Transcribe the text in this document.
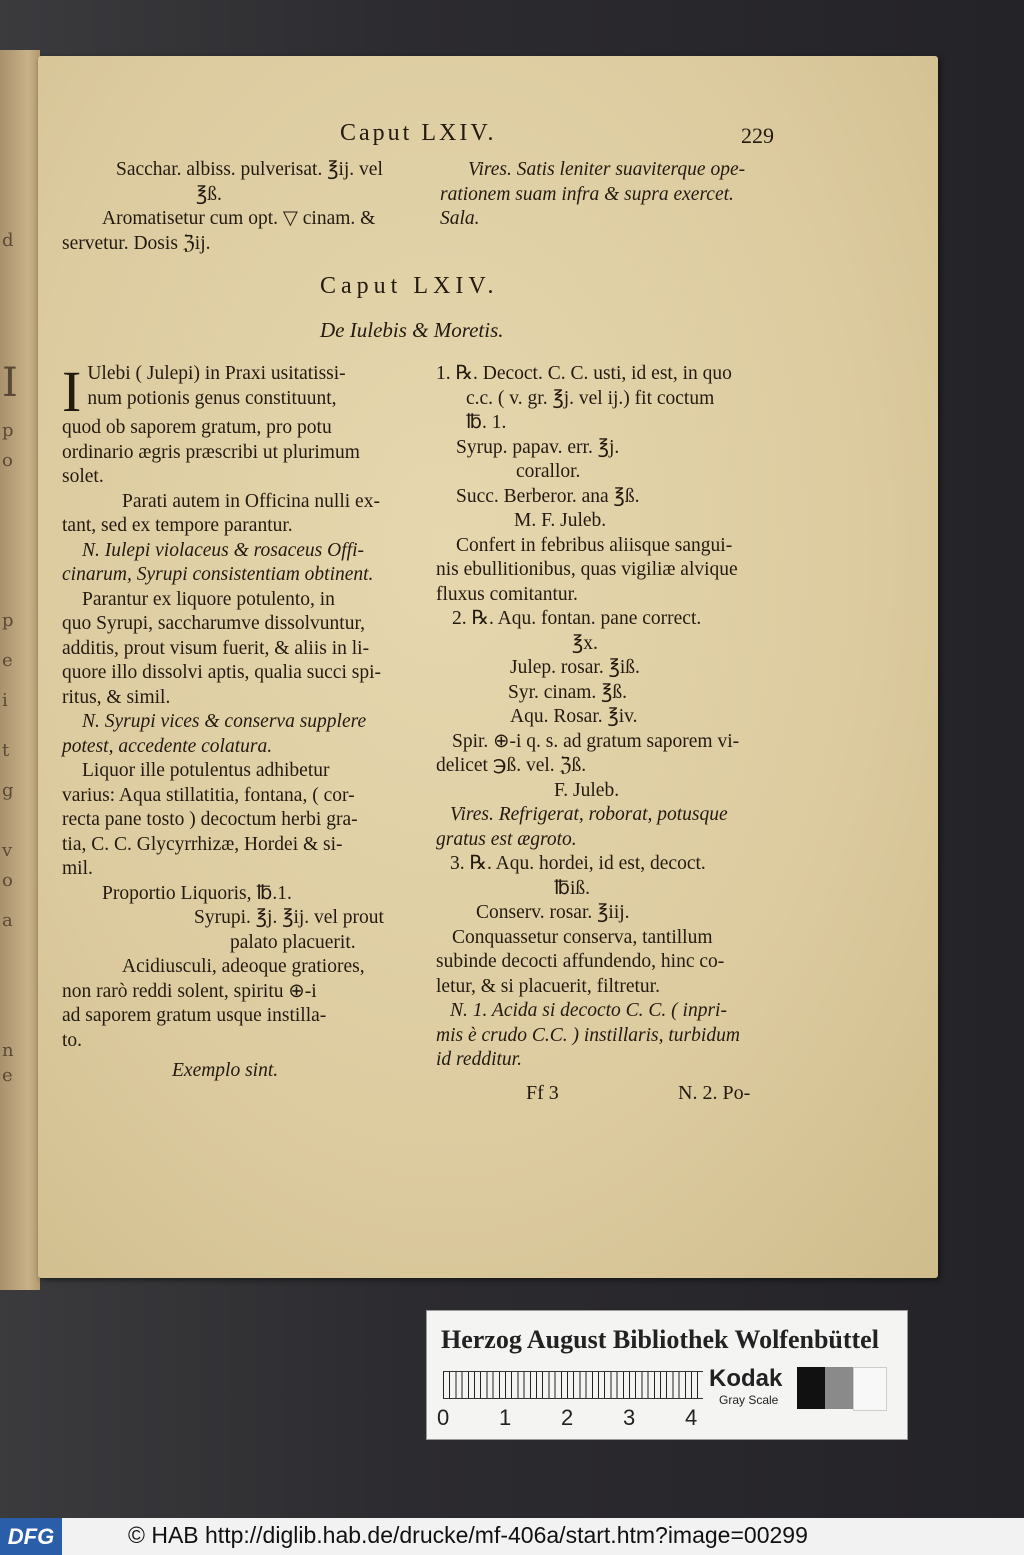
d
I
p
o
p
e
i
t
g
v
o
a
n
e
Caput LXIV.	229

Sacchar. albiss. pulverisat. ℥ij. vel

℥ß.

Aromatisetur cum opt. ▽ cinam. &

servetur. Dosis ℨij.

Vires. Satis leniter suaviterque ope-

rationem suam infra & supra exercet.

Sala.

Caput LXIV.
De Iulebis & Moretis.
I Ulebi ( Julepi) in Praxi usitatissi-

num potionis genus constituunt,

quod ob saporem gratum, pro potu

ordinario ægris præscribi ut plurimum

solet.

Parati autem in Officina nulli ex-

tant, sed ex tempore parantur.

N. Iulepi violaceus & rosaceus Offi-

cinarum, Syrupi consistentiam obtinent.

Parantur ex liquore potulento, in

quo Syrupi, saccharumve dissolvuntur,

additis, prout visum fuerit, & aliis in li-

quore illo dissolvi aptis, qualia succi spi-

ritus, & simil.

N. Syrupi vices & conserva supplere

potest, accedente colatura.

Liquor ille potulentus adhibetur

varius: Aqua stillatitia, fontana, ( cor-

recta pane tosto ) decoctum herbi gra-

tia, C. C. Glycyrrhizæ, Hordei & si-

mil.

Proportio Liquoris, ℔.1.

Syrupi. ℥j. ℥ij. vel prout

palato placuerit.

Acidiusculi, adeoque gratiores,

non rarò reddi solent, spiritu ⊕-i

ad saporem gratum usque instilla-

to.

Exemplo sint.

1. ℞. Decoct. C. C. usti, id est, in quo

c.c. ( v. gr. ℥j. vel ij.) fit coctum

℔. 1.

Syrup. papav. err. ℥j.

corallor.

Succ. Berberor. ana ℥ß.

M. F. Juleb.

Confert in febribus aliisque sangui-

nis ebullitionibus, quas vigiliæ alvique

fluxus comitantur.

2. ℞. Aqu. fontan. pane correct.

℥x.

Julep. rosar. ℥iß.

Syr. cinam. ℥ß.

Aqu. Rosar. ℥iv.

Spir. ⊕-i q. s. ad gratum saporem vi-

delicet ℈ß. vel. ℨß.

F. Juleb.

Vires. Refrigerat, roborat, potusque

gratus est ægroto.

3. ℞. Aqu. hordei, id est, decoct.

℔iß.

Conserv. rosar. ℥iij.

Conquassetur conserva, tantillum

subinde decocti affundendo, hinc co-

letur, & si placuerit, filtretur.

N. 1. Acida si decocto C. C. ( inpri-

mis è crudo C.C. ) instillaris, turbidum

id redditur.

Ff 3	N. 2. Po-
Herzog August Bibliothek Wolfenbüttel
0 1 2 3 4
Kodak
Gray Scale
DFG	© HAB http://diglib.hab.de/drucke/mf-406a/start.htm?image=00299
